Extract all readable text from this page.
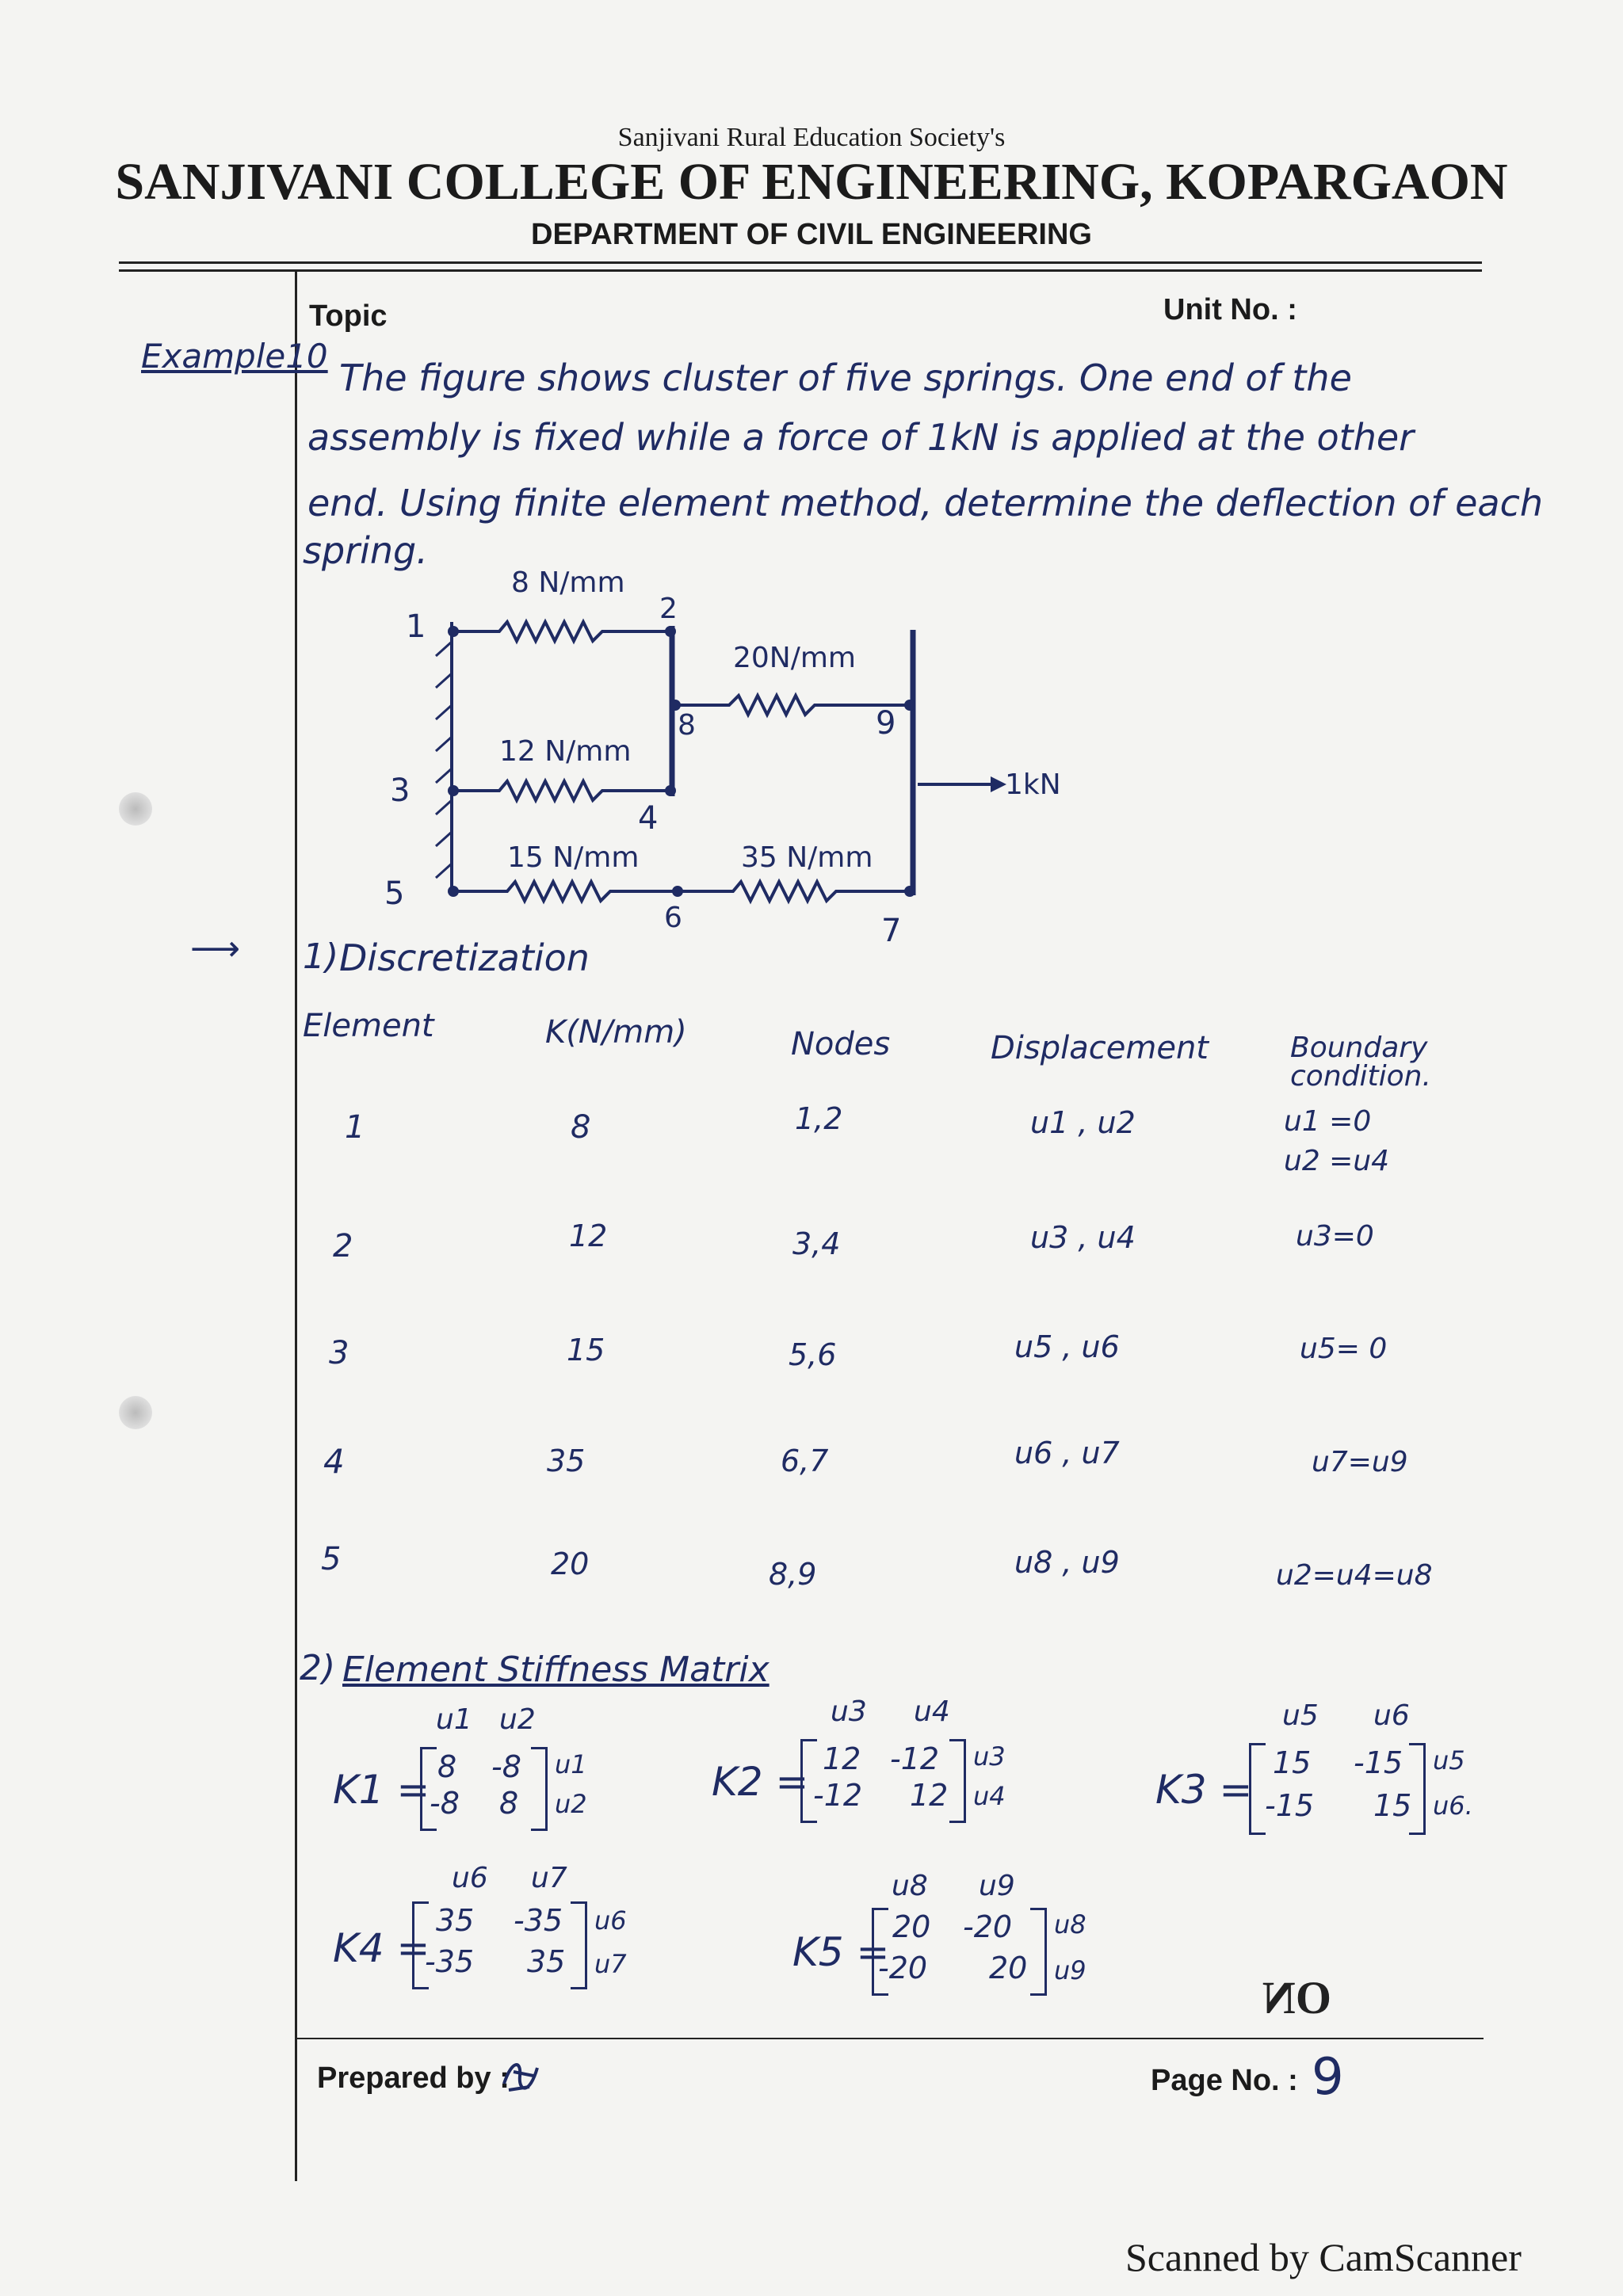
Sanjivani Rural Education Society's
SANJIVANI COLLEGE OF ENGINEERING, KOPARGAON
DEPARTMENT OF CIVIL ENGINEERING
Topic	Unit No. :
Example10
The figure shows cluster of five springs. One end of the
assembly is fixed while a force of 1kN is applied at the other
end. Using finite element method, determine the deflection of each
spring.
8 N/mm
20N/mm
12 N/mm
15 N/mm	35 N/mm
1	2
3
4
5
6	7
8	9
1kN
⟶ 1) Discretization
Element	K(N/mm)	Nodes	Displacement	Boundary condition.
1	8	1,2	u1 , u2	u1 =0
u2 =u4
2	12	3,4	u3 , u4	u3=0
3	15	5,6	u5 , u6	u5= 0
4	35	6,7	u6 , u7	u7=u9
5	20	8,9	u8 , u9	u2=u4=u8
2) Element Stiffness Matrix
K1 =
u1 u2
8 -8
-8 8
u1
u2	K2 =
u3 u4
12 -12
-12 12
u3
u4	K3 =
u5 u6
15 -15
-15 15
u5
u6.
K4 =
u6 u7
35 -35
-35 35
u6
u7	K5 =
u8 u9
20 -20
-20 20
u8
u9
ON
Prepared by :	Page No. : 9
Scanned by CamScanner
